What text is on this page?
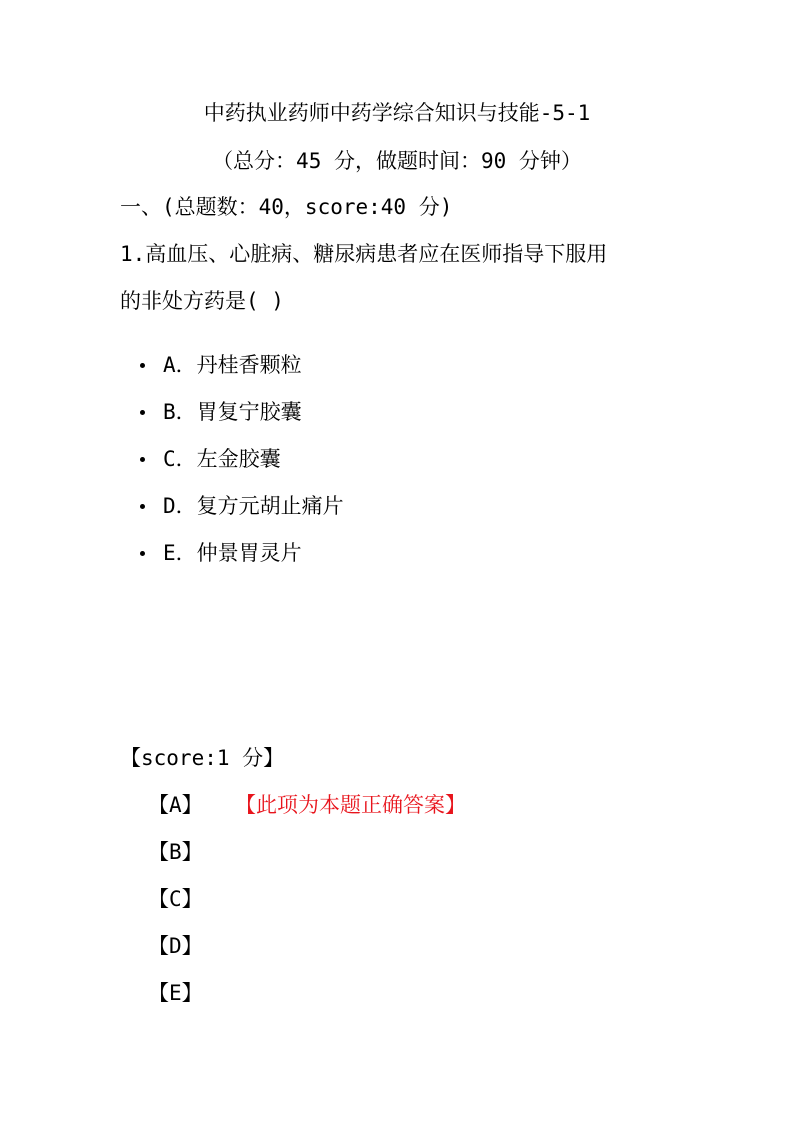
中药执业药师中药学综合知识与技能-5-1
（总分：45 分，做题时间：90 分钟）
一、(总题数：40，score:40 分)
1.高血压、心脏病、糖尿病患者应在医师指导下服用
的非处方药是( )
A．丹桂香颗粒
B．胃复宁胶囊
C．左金胶囊
D．复方元胡止痛片
E．仲景胃灵片
【score:1 分】
【A】 【此项为本题正确答案】
【B】
【C】
【D】
【E】
